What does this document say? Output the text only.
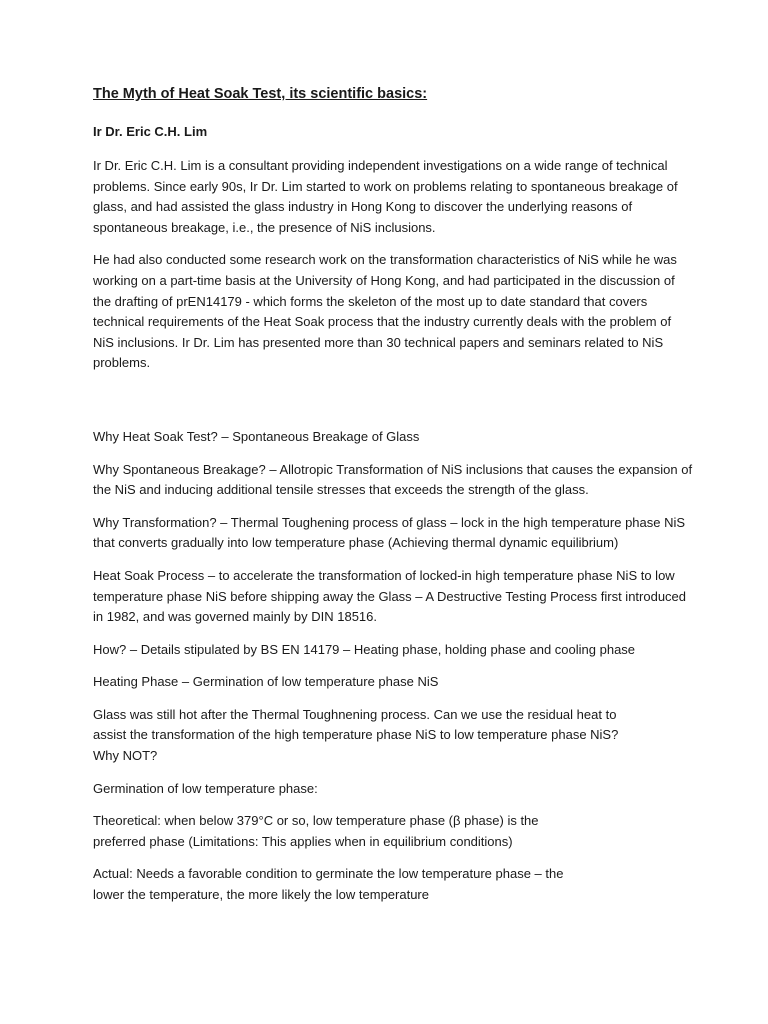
The Myth of Heat Soak Test, its scientific basics:
Ir Dr. Eric C.H. Lim

Ir Dr. Eric C.H. Lim is a consultant providing independent investigations on a wide range of technical problems. Since early 90s, Ir Dr. Lim started to work on problems relating to spontaneous breakage of glass, and had assisted the glass industry in Hong Kong to discover the underlying reasons of spontaneous breakage, i.e., the presence of NiS inclusions.

He had also conducted some research work on the transformation characteristics of NiS while he was working on a part-time basis at the University of Hong Kong, and had participated in the discussion of the drafting of prEN14179 - which forms the skeleton of the most up to date standard that covers technical requirements of the Heat Soak process that the industry currently deals with the problem of NiS inclusions. Ir Dr. Lim has presented more than 30 technical papers and seminars related to NiS problems.

Why Heat Soak Test? – Spontaneous Breakage of Glass

Why Spontaneous Breakage? – Allotropic Transformation of NiS inclusions that causes the expansion of the NiS and inducing additional tensile stresses that exceeds the strength of the glass.

Why Transformation? – Thermal Toughening process of glass – lock in the high temperature phase NiS that converts gradually into low temperature phase (Achieving thermal dynamic equilibrium)

Heat Soak Process – to accelerate the transformation of locked-in high temperature phase NiS to low temperature phase NiS before shipping away the Glass – A Destructive Testing Process first introduced in 1982, and was governed mainly by DIN 18516.

How? – Details stipulated by BS EN 14179 – Heating phase, holding phase and cooling phase

Heating Phase – Germination of low temperature phase NiS

Glass was still hot after the Thermal Toughnening process. Can we use the residual heat to assist the transformation of the high temperature phase NiS to low temperature phase NiS? Why NOT?

Germination of low temperature phase:

Theoretical: when below 379°C or so, low temperature phase (β phase) is the preferred phase (Limitations: This applies when in equilibrium conditions)

Actual: Needs a favorable condition to germinate the low temperature phase – the lower the temperature, the more likely the low temperature
